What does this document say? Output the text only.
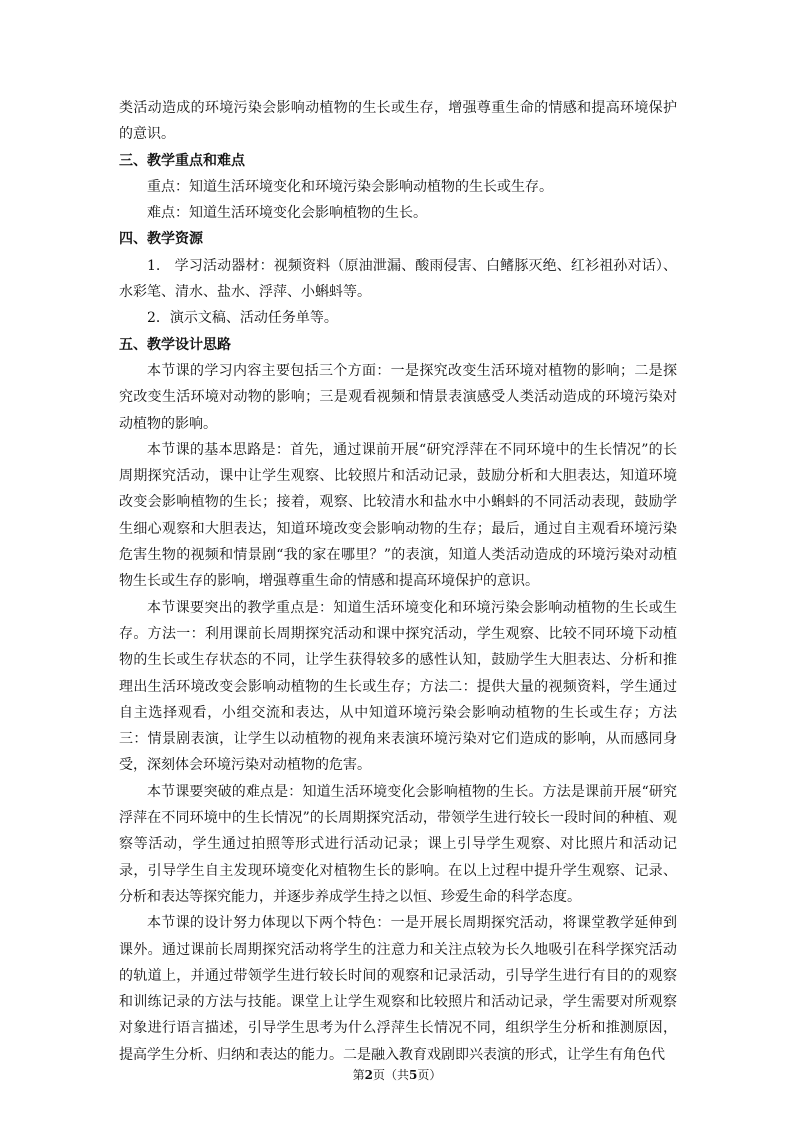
类活动造成的环境污染会影响动植物的生长或生存，增强尊重生命的情感和提高环境保护的意识。

三、教学重点和难点

重点：知道生活环境变化和环境污染会影响动植物的生长或生存。

难点：知道生活环境变化会影响植物的生长。

四、教学资源

1.　学习活动器材：视频资料（原油泄漏、酸雨侵害、白鳍豚灭绝、红衫祖孙对话）、水彩笔、清水、盐水、浮萍、小蝌蚪等。

2．演示文稿、活动任务单等。

五、教学设计思路

本节课的学习内容主要包括三个方面：一是探究改变生活环境对植物的影响；二是探究改变生活环境对动物的影响；三是观看视频和情景表演感受人类活动造成的环境污染对动植物的影响。

本节课的基本思路是：首先，通过课前开展“研究浮萍在不同环境中的生长情况”的长周期探究活动，课中让学生观察、比较照片和活动记录，鼓励分析和大胆表达，知道环境改变会影响植物的生长；接着，观察、比较清水和盐水中小蝌蚪的不同活动表现，鼓励学生细心观察和大胆表达，知道环境改变会影响动物的生存；最后，通过自主观看环境污染危害生物的视频和情景剧“我的家在哪里？”的表演，知道人类活动造成的环境污染对动植物生长或生存的影响，增强尊重生命的情感和提高环境保护的意识。

本节课要突出的教学重点是：知道生活环境变化和环境污染会影响动植物的生长或生存。方法一：利用课前长周期探究活动和课中探究活动，学生观察、比较不同环境下动植物的生长或生存状态的不同，让学生获得较多的感性认知，鼓励学生大胆表达、分析和推理出生活环境改变会影响动植物的生长或生存；方法二：提供大量的视频资料，学生通过自主选择观看，小组交流和表达，从中知道环境污染会影响动植物的生长或生存；方法三：情景剧表演，让学生以动植物的视角来表演环境污染对它们造成的影响，从而感同身受，深刻体会环境污染对动植物的危害。

本节课要突破的难点是：知道生活环境变化会影响植物的生长。方法是课前开展“研究浮萍在不同环境中的生长情况”的长周期探究活动，带领学生进行较长一段时间的种植、观察等活动，学生通过拍照等形式进行活动记录；课上引导学生观察、对比照片和活动记录，引导学生自主发现环境变化对植物生长的影响。在以上过程中提升学生观察、记录、分析和表达等探究能力，并逐步养成学生持之以恒、珍爱生命的科学态度。

本节课的设计努力体现以下两个特色：一是开展长周期探究活动，将课堂教学延伸到课外。通过课前长周期探究活动将学生的注意力和关注点较为长久地吸引在科学探究活动的轨道上，并通过带领学生进行较长时间的观察和记录活动，引导学生进行有目的的观察和训练记录的方法与技能。课堂上让学生观察和比较照片和活动记录，学生需要对所观察对象进行语言描述，引导学生思考为什么浮萍生长情况不同，组织学生分析和推测原因，提高学生分析、归纳和表达的能力。二是融入教育戏剧即兴表演的形式，让学生有角色代

第2页（共5页）
